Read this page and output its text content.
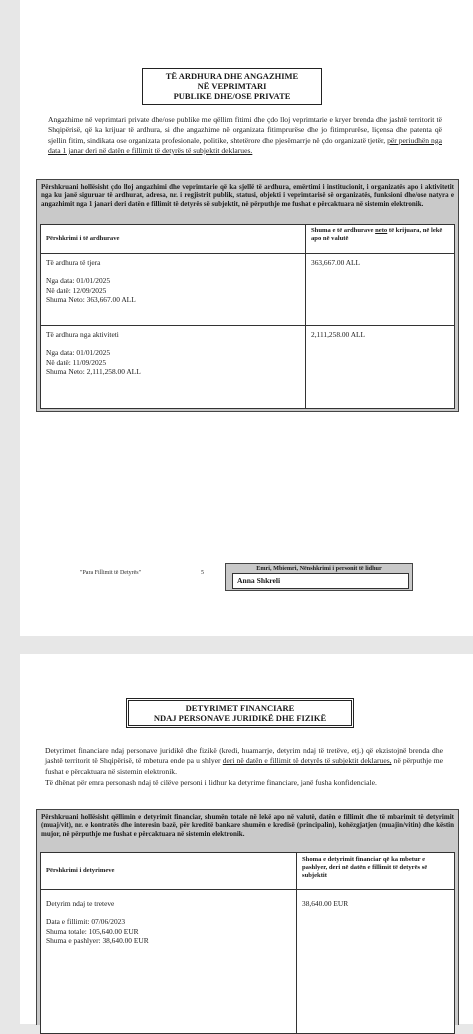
TË ARDHURA DHE ANGAZHIME
NË VEPRIMTARI
PUBLIKE DHE/OSE PRIVATE
Angazhime në veprimtari private dhe/ose publike me qëllim fitimi dhe çdo lloj veprimtarie e kryer brenda dhe jashtë territorit të Shqipërisë, që ka krijuar të ardhura, si dhe angazhime në organizata fitimprurëse dhe jo fitimprurëse, liçensa dhe patenta që sjellin fitim, sindikata ose organizata profesionale, politike, shtetërore dhe pjesëmarrje në çdo organizatë tjetër, për periudhën nga data 1 janar deri në datën e fillimit të detyrës të subjektit deklarues.
Përshkruani hollësisht çdo lloj angazhimi dhe veprimtarie që ka sjellë të ardhura, emërtimi i institucionit, i organizatës apo i aktivitetit nga ku janë siguruar të ardhurat, adresa, nr. i regjistrit publik, statusi, objekti i veprimtarisë së organizatës, funksioni dhe/ose natyra e angazhimit nga 1 janari deri datën e fillimit të detyrës së subjektit, në përputhje me fushat e përcaktuara në sistemin elektronik.
Përshkrimi i të ardhurave
Shuma e të ardhurave neto të krijuara, në lekë apo në valutë
Të ardhura të tjera
Nga data: 01/01/2025
Në datë: 12/09/2025
Shuma Neto: 363,667.00 ALL
363,667.00 ALL
Të ardhura nga aktiviteti
Nga data: 01/01/2025
Në datë: 11/09/2025
Shuma Neto: 2,111,258.00 ALL
2,111,258.00 ALL
"Para Fillimit të Detyrës"	5
Emri, Mbiemri, Nënshkrimi i personit të lidhur
Anna Shkreli
DETYRIMET FINANCIARE
NDAJ PERSONAVE JURIDIKË DHE FIZIKË
Detyrimet financiare ndaj personave juridikë dhe fizikë (kredi, huamarrje, detyrim ndaj të tretëve, etj.) që ekzistojnë brenda dhe jashtë territorit të Shqipërisë, të mbetura ende pa u shlyer deri në datën e fillimit të detyrës të subjektit deklarues, në përputhje me fushat e përcaktuara në sistemin elektronik.
Të dhënat për emra personash ndaj të cilëve personi i lidhur ka detyrime financiare, janë fusha konfidenciale.
Përshkruani hollësisht qëllimin e detyrimit financiar, shumën totale në lekë apo në valutë, datën e fillimit dhe të mbarimit të detyrimit (muaj/vit), nr. e kontratës dhe interesin bazë, për kreditë bankare shumën e kredisë (principalin), kohëzgjatjen (muajin/vitin) dhe këstin mujor, në përputhje me fushat e përcaktuara në sistemin elektronik.
Përshkrimi i detyrimeve
Shoma e detyrimit financiar që ka mbetur e pashlyer, deri në datën e fillimit të detyrës së subjektit
Detyrim ndaj te treteve
Data e fillimit: 07/06/2023
Shuma totale: 105,640.00 EUR
Shuma e pashlyer: 38,640.00 EUR
38,640.00 EUR
